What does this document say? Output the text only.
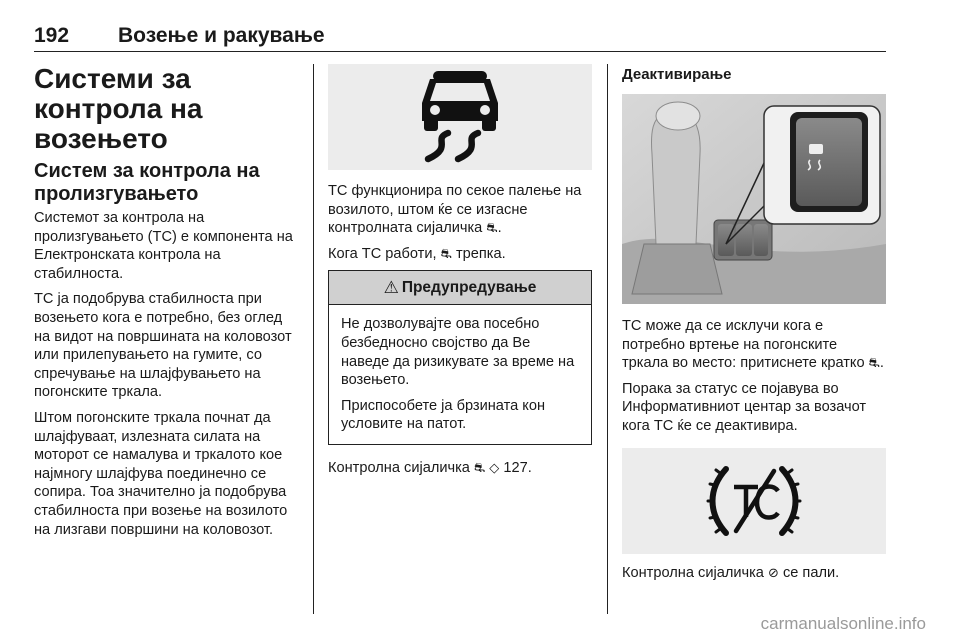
192 Возење и ракување
Системи за контрола на возењето
Систем за контрола на пролизгувањето

Системот за контрола на пролизгувањето (TC) е компонента на Електронската контрола на стабилноста.

TC ја подобрува стабилноста при возењето кога е потребно, без оглед на видот на површината на коловозот или прилепувањето на гумите, со спречување на шлајфувањето на погонските тркала.

Штом погонските тркала почнат да шлајфуваат, излезната силата на моторот се намалува и тркалото кое најмногу шлајфува поединечно се сопира. Тоа значително ја подобрува стабилноста при возење на возилото на лизгави површини на коловозот.

TC функционира по секое палење на возилото, штом ќе се изгасне контролната сијаличка ⛐.

Кога TC работи, ⛐ трепка.

⚠ Предупредување

Не дозволувајте ова посебно безбедносно својство да Ве наведе да ризикувате за време на возењето.

Приспособете ја брзината кон условите на патот.

Контролна сијаличка ⛐ ◇ 127.

Деактивирање

TC може да се исклучи кога е потребно вртење на погонските тркала во место: притиснете кратко ⛐.

Порака за статус се појавува во Информативниот центар за возачот кога TC ќе се деактивира.

Контролна сијаличка ⊘ се пали.

carmanualsonline.info
